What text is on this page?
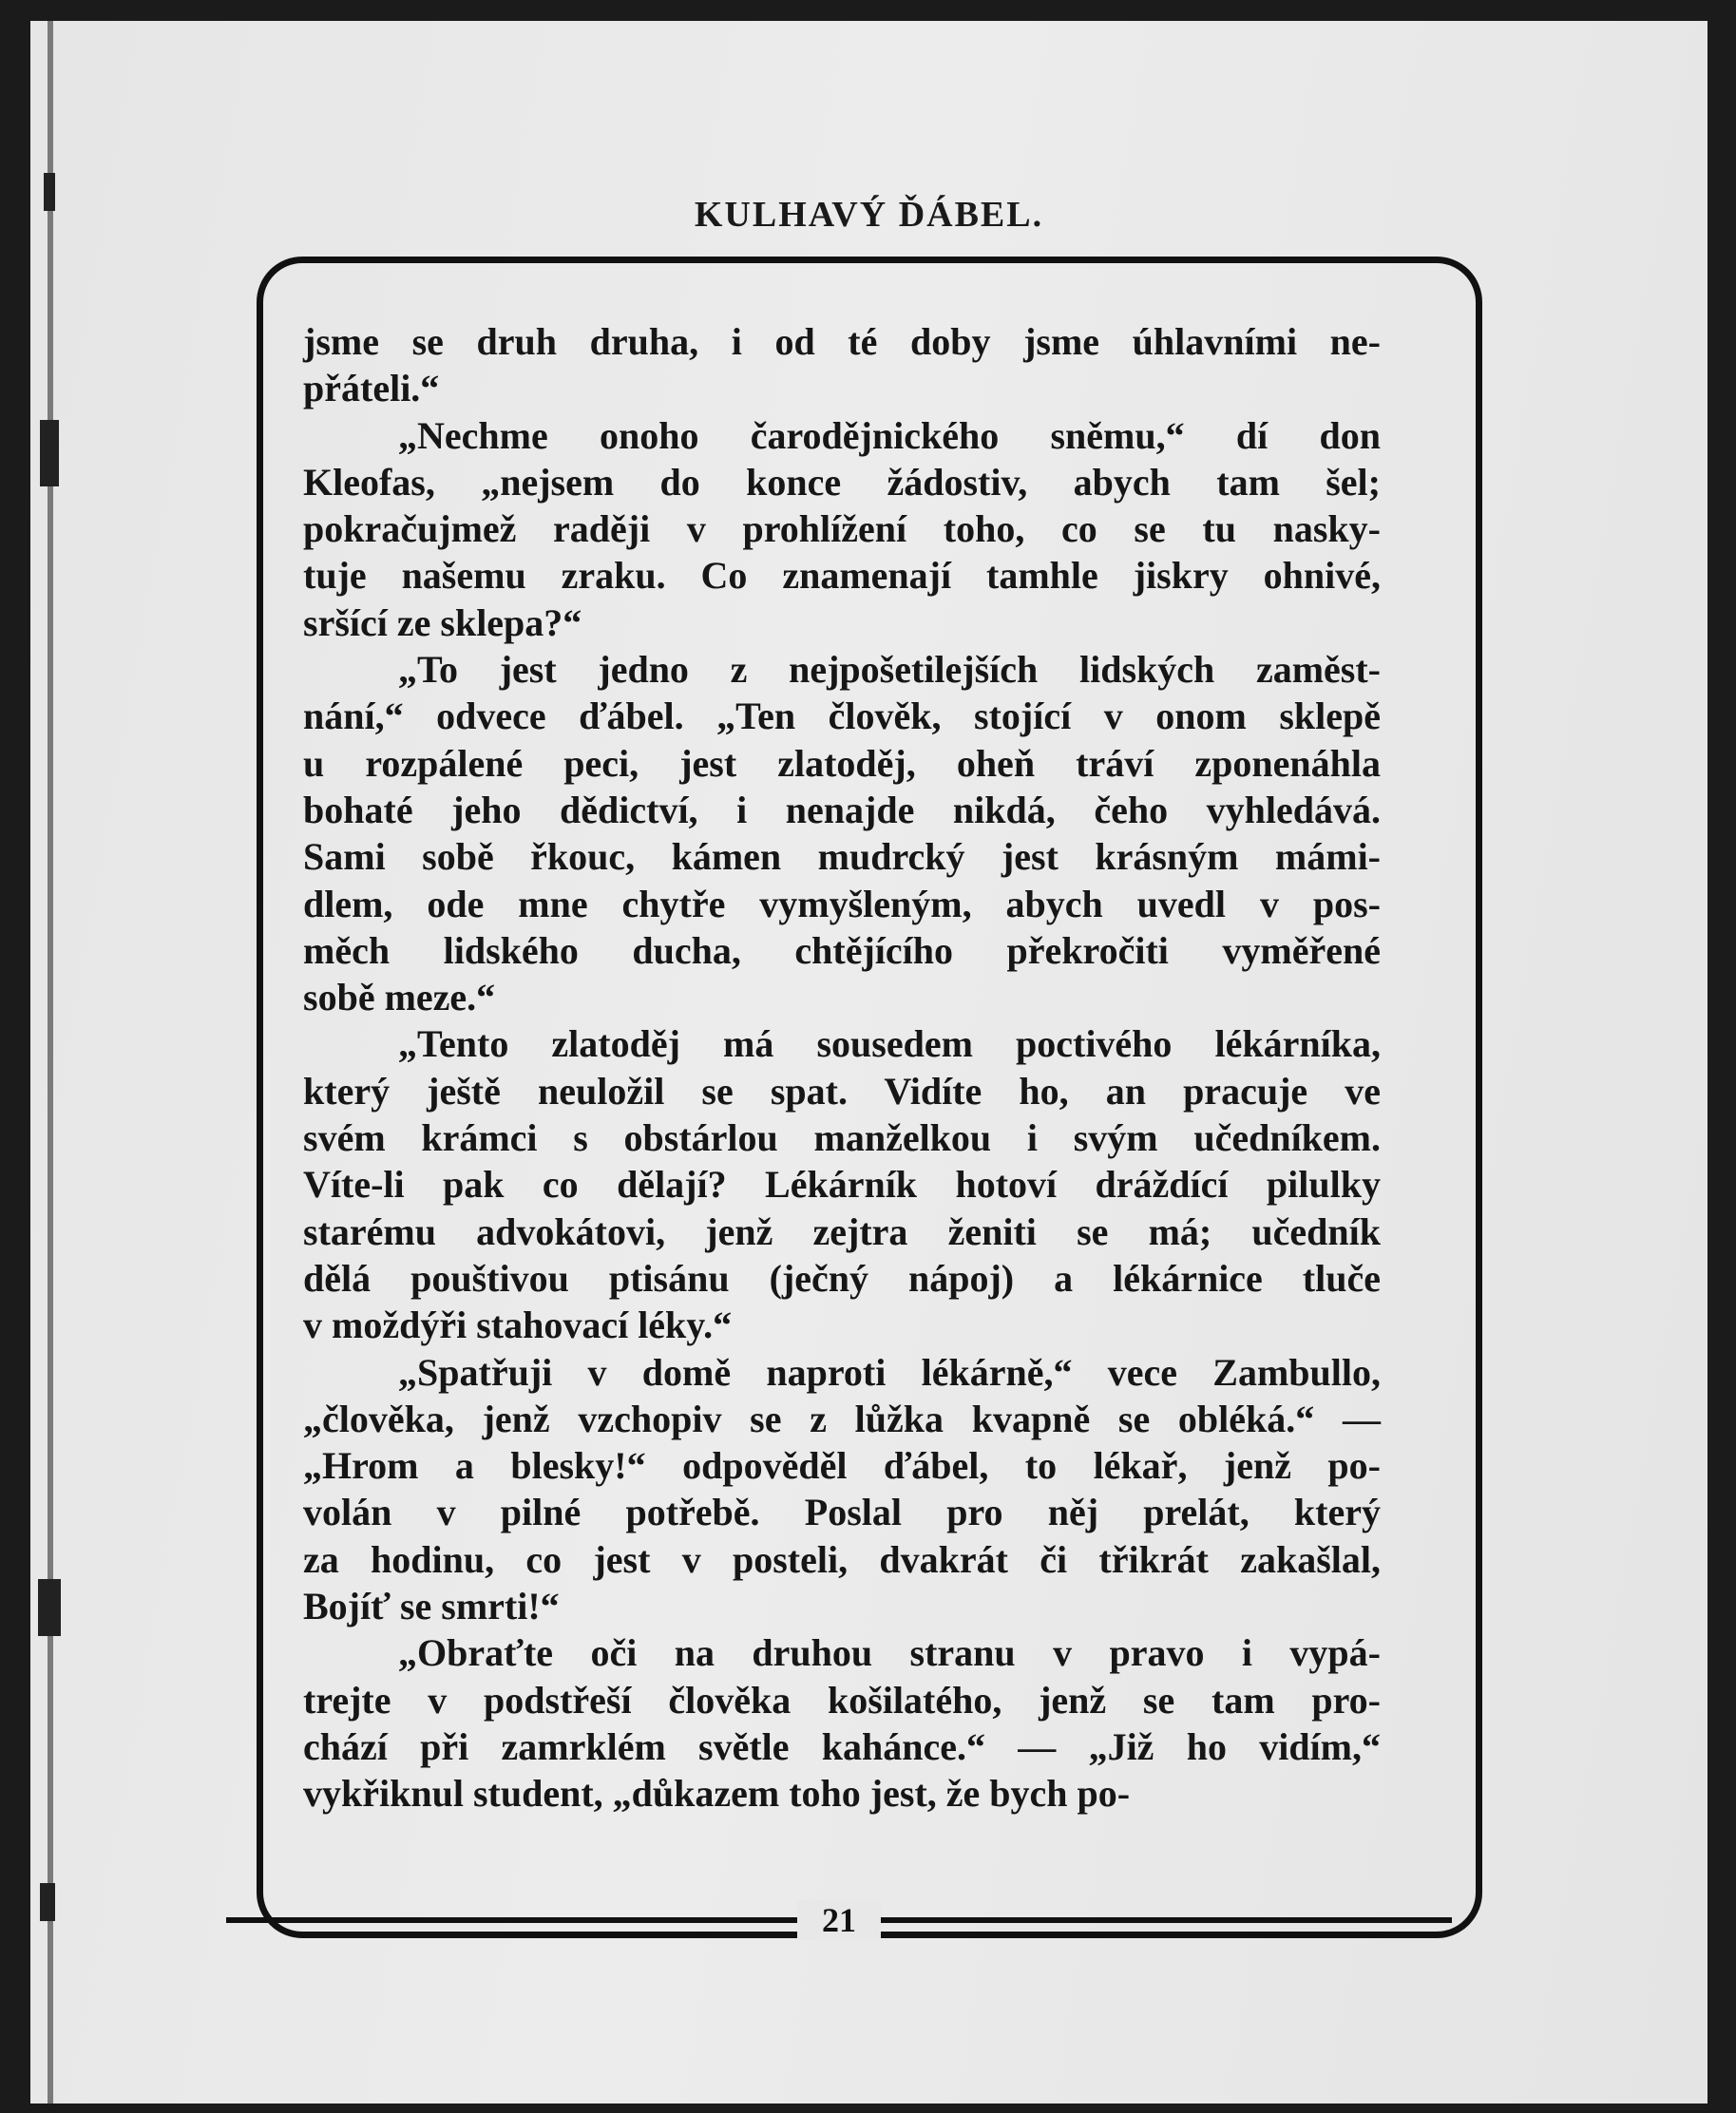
KULHAVÝ ĎÁBEL.

jsme se druh druha, i od té doby jsme úhlavními ne-
přáteli.“

„Nechme onoho čarodějnického sněmu,“ dí don
Kleofas, „nejsem do konce žádostiv, abych tam šel;
pokračujmež raději v prohlížení toho, co se tu nasky-
tuje našemu zraku. Co znamenají tamhle jiskry ohnivé,
sršící ze sklepa?“

„To jest jedno z nejpošetilejších lidských zaměst-
nání,“ odvece ďábel. „Ten člověk, stojící v onom sklepě
u rozpálené peci, jest zlatoděj, oheň tráví zponenáhla
bohaté jeho dědictví, i nenajde nikdá, čeho vyhledává.
Sami sobě řkouc, kámen mudrcký jest krásným mámi-
dlem, ode mne chytře vymyšleným, abych uvedl v pos-
měch lidského ducha, chtějícího překročiti vyměřené
sobě meze.“

„Tento zlatoděj má sousedem poctivého lékárníka,
který ještě neuložil se spat. Vidíte ho, an pracuje ve
svém krámci s obstárlou manželkou i svým učedníkem.
Víte-li pak co dělají? Lékárník hotoví dráždící pilulky
starému advokátovi, jenž zejtra ženiti se má; učedník
dělá pouštivou ptisánu (ječný nápoj) a lékárnice tluče
v moždýři stahovací léky.“

„Spatřuji v domě naproti lékárně,“ vece Zambullo,
„člověka, jenž vzchopiv se z lůžka kvapně se obléká.“ —
„Hrom a blesky!“ odpověděl ďábel, to lékař, jenž po-
volán v pilné potřebě. Poslal pro něj prelát, který
za hodinu, co jest v posteli, dvakrát či třikrát zakašlal,
Bojíť se smrti!“

„Obraťte oči na druhou stranu v pravo i vypá-
trejte v podstřeší člověka košilatého, jenž se tam pro-
chází při zamrklém světle kahánce.“ — „Již ho vidím,“
vykřiknul student, „důkazem toho jest, že bych po-

21
